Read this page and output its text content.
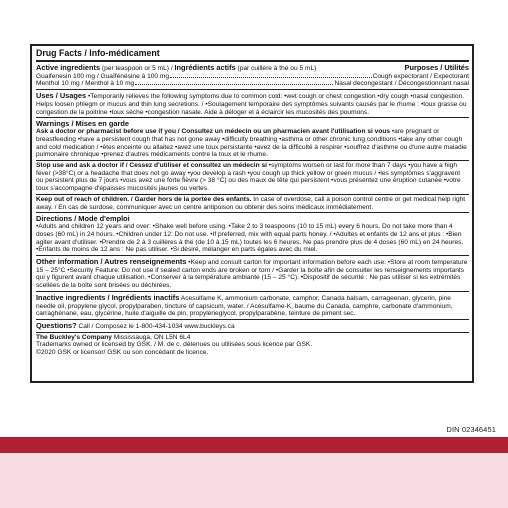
Drug Facts / Info-médicament
Active ingredients (per teaspoon or 5 mL) / Ingrédients actifs (par cuillère à thé ou 5 mL)	Purposes / Utilités
Guaifenesin 100 mg / Guaïfénésine à 100 mg	Cough expectorant / Expectorant
Menthol 10 mg / Menthol à 10 mg	Nasal decongestant / Décongestionnant nasal
Uses / Usages •Temporarily relieves the following symptoms due to common cold: •wet cough or chest congestion •dry cough •nasal congestion. Helps loosen phlegm or mucus and thin lung secretions. / •Soulagement temporaire des symptômes suivants causés par le rhume : •toux grasse ou congestion de la poitrine •toux sèche •congestion nasale. Aide à déloger et à éclaircir les mucosités des poumons.
Warnings / Mises en garde
Ask a doctor or pharmacist before use if you / Consultez un médecin ou un pharmacien avant l'utilisation si vous •are pregnant or breastfeeding •have a persistent cough that has not gone away •difficulty breathing •asthma or other chronic lung conditions •take any other cough and cold medication / •êtes enceinte ou allaitez •avez une toux persistante •avez de la difficulté à respirer •souffrez d'asthme ou d'une autre maladie pulmonaire chronique •prenez d'autres médicaments contre la toux et le rhume.
Stop use and ask a doctor if / Cessez d'utiliser et consultez un médecin si •symptoms worsen or last for more than 7 days •you have a high fever (>38°C) or a headache that does not go away •you develop a rash •you cough up thick yellow or green mucus / •les symptômes s'aggravent ou persistent plus de 7 jours •vous avez une forte fièvre (> 38 °C) ou des maux de tête qui persistent •vous présentez une éruption cutanée •votre toux s'accompagne d'épaisses mucosités jaunes ou vertes.
Keep out of reach of children. / Garder hors de la portée des enfants. In case of overdose, call a poison control centre or get medical help right away. / En cas de surdose, communiquer avec un centre antipoison ou obtenir des soins médicaux immédiatement.
Directions / Mode d'emploi
•Adults and children 12 years and over: •Shake well before using. •Take 2 to 3 teaspoons (10 to 15 mL) every 6 hours. Do not take more than 4 doses (60 mL) in 24 hours. •Children under 12: Do not use. •If preferred, mix with equal parts honey. / •Adultes et enfants de 12 ans et plus : •Bien agiter avant d'utiliser. •Prendre de 2 à 3 cuillères à thé (de 10 à 15 mL) toutes les 6 heures. Ne pas prendre plus de 4 doses (60 mL) en 24 heures. •Enfants de moins de 12 ans : Ne pas utiliser. •Si désiré, mélanger en parts égales avec du miel.
Other information / Autres renseignements •Keep and consult carton for important information before each use. •Store at room temperature 15 – 25°C •Security Feature: Do not use if sealed carton ends are broken or torn / •Garder la boîte afin de consulter les renseignements importants qui y figurent avant chaque utilisation. •Conserver à la température ambiante (15 – 25 °C). •Dispositif de sécurité : Ne pas utiliser si les extrémités scellées de la boîte sont brisées ou déchirées.
Inactive ingredients / Ingrédients inactifs Acesulfame K, ammonium carbonate, camphor, Canada balsam, carrageenan, glycerin, pine needle oil, propylene glycol, propylparaben, tincture of capsicum, water. / Acésulfame-K, baume du Canada, camphre, carbonate d'ammonium, carraghénane, eau, glycérine, huile d'aiguille de pin, propylèneglycol, propylparabène, teinture de piment sec.
Questions? Call / Composez le 1-800-434-1034 www.buckleys.ca
The Buckley's Company Mississauga, ON L5N 6L4
Trademarks owned or licensed by GSK. / M. de c. détenues ou utilisées sous licence par GSK.
©2020 GSK or licensor/ GSK ou son concédant de licence.
DIN 02346451
